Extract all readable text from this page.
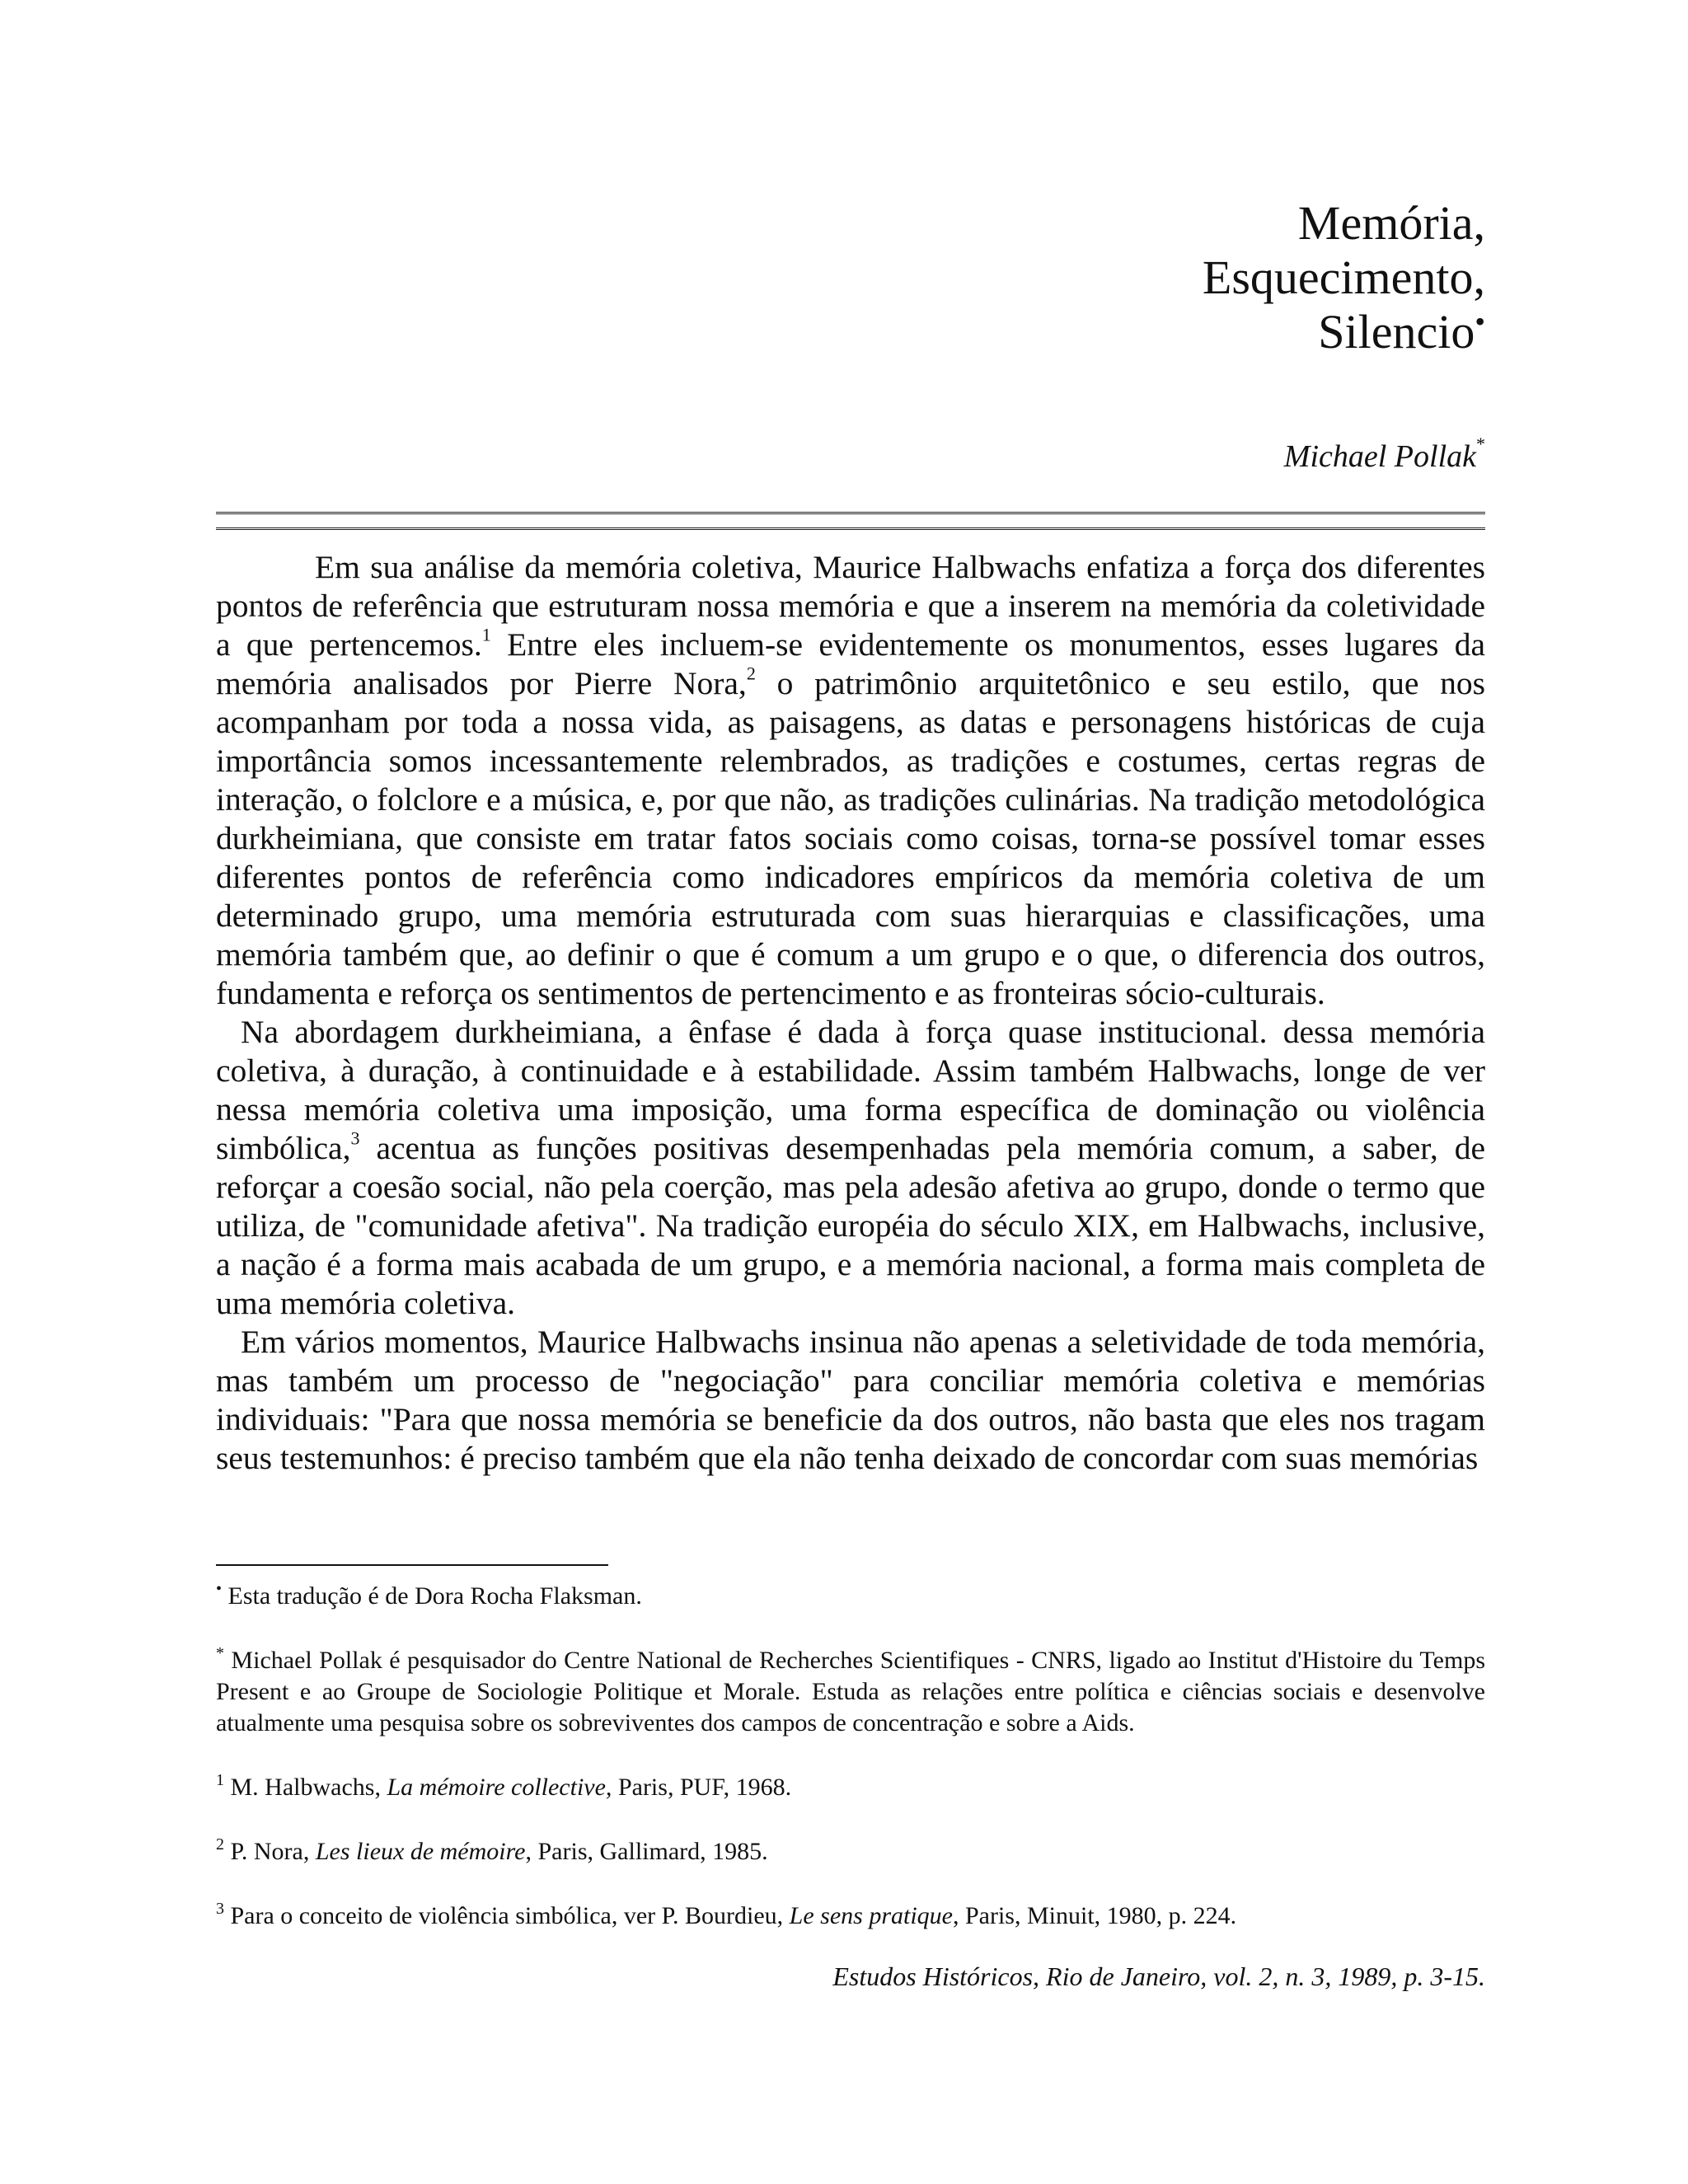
Memória,
Esquecimento,
Silencio•
Michael Pollak*

Em sua análise da memória coletiva, Maurice Halbwachs enfatiza a força dos diferentes pontos de referência que estruturam nossa memória e que a inserem na memória da coletividade a que pertencemos.$^1$ Entre eles incluem-se evidentemente os monumentos, esses lugares da memória analisados por Pierre Nora,$^2$ o patrimônio arquitetônico e seu estilo, que nos acompanham por toda a nossa vida, as paisagens, as datas e personagens históricas de cuja importância somos incessantemente relembrados, as tradições e costumes, certas regras de interação, o folclore e a música, e, por que não, as tradições culinárias. Na tradição metodológica durkheimiana, que consiste em tratar fatos sociais como coisas, torna-se possível tomar esses diferentes pontos de referência como indicadores empíricos da memória coletiva de um determinado grupo, uma memória estruturada com suas hierarquias e classificações, uma memória também que, ao definir o que é comum a um grupo e o que, o diferencia dos outros, fundamenta e reforça os sentimentos de pertencimento e as fronteiras sócio-culturais.

Na abordagem durkheimiana, a ênfase é dada à força quase institucional. dessa memória coletiva, à duração, à continuidade e à estabilidade. Assim também Halbwachs, longe de ver nessa memória coletiva uma imposição, uma forma específica de dominação ou violência simbólica,$^3$ acentua as funções positivas desempenhadas pela memória comum, a saber, de reforçar a coesão social, não pela coerção, mas pela adesão afetiva ao grupo, donde o termo que utiliza, de "comunidade afetiva". Na tradição européia do século XIX, em Halbwachs, inclusive, a nação é a forma mais acabada de um grupo, e a memória nacional, a forma mais completa de uma memória coletiva.

Em vários momentos, Maurice Halbwachs insinua não apenas a seletividade de toda memória, mas também um processo de "negociação" para conciliar memória coletiva e memórias individuais: "Para que nossa memória se beneficie da dos outros, não basta que eles nos tragam seus testemunhos: é preciso também que ela não tenha deixado de concordar com suas memórias

• Esta tradução é de Dora Rocha Flaksman.

* Michael Pollak é pesquisador do Centre National de Recherches Scientifiques - CNRS, ligado ao Institut d'Histoire du Temps Present e ao Groupe de Sociologie Politique et Morale. Estuda as relações entre política e ciências sociais e desenvolve atualmente uma pesquisa sobre os sobreviventes dos campos de concentração e sobre a Aids.

$^1$ M. Halbwachs, La mémoire collective, Paris, PUF, 1968.

$^2$ P. Nora, Les lieux de mémoire, Paris, Gallimard, 1985.

$^3$ Para o conceito de violência simbólica, ver P. Bourdieu, Le sens pratique, Paris, Minuit, 1980, p. 224.

Estudos Históricos, Rio de Janeiro, vol. 2, n. 3, 1989, p. 3-15.
